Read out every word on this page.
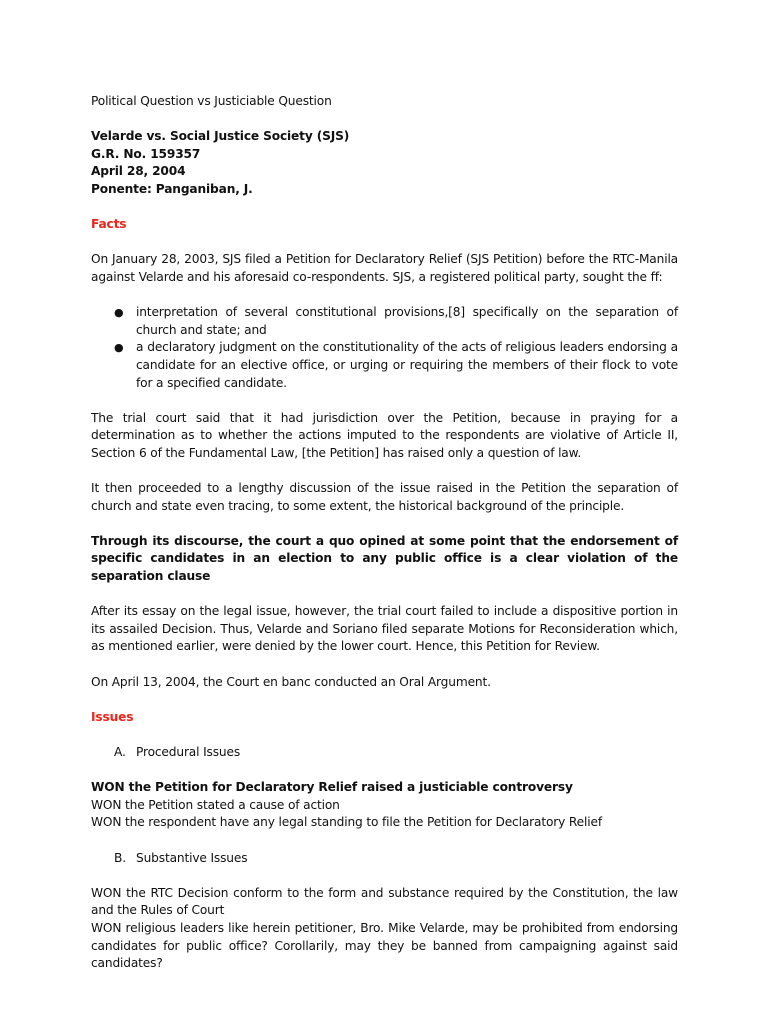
Political Question vs Justiciable Question

Velarde vs. Social Justice Society (SJS)

G.R. No. 159357

April 28, 2004

Ponente: Panganiban, J.

Facts

On January 28, 2003, SJS filed a Petition for Declaratory Relief (SJS Petition) before the RTC-Manila against Velarde and his aforesaid co-respondents. SJS, a registered political party, sought the ff:

● interpretation of several constitutional provisions,[8] specifically on the separation of church and state; and
● a declaratory judgment on the constitutionality of the acts of religious leaders endorsing a candidate for an elective office, or urging or requiring the members of their flock to vote for a specified candidate.

The trial court said that it had jurisdiction over the Petition, because in praying for a determination as to whether the actions imputed to the respondents are violative of Article II, Section 6 of the Fundamental Law, [the Petition] has raised only a question of law.

It then proceeded to a lengthy discussion of the issue raised in the Petition the separation of church and state even tracing, to some extent, the historical background of the principle.

Through its discourse, the court a quo opined at some point that the endorsement of specific candidates in an election to any public office is a clear violation of the separation clause

After its essay on the legal issue, however, the trial court failed to include a dispositive portion in its assailed Decision. Thus, Velarde and Soriano filed separate Motions for Reconsideration which, as mentioned earlier, were denied by the lower court. Hence, this Petition for Review.

On April 13, 2004, the Court en banc conducted an Oral Argument.

Issues

A. Procedural Issues

WON the Petition for Declaratory Relief raised a justiciable controversy

WON the Petition stated a cause of action

WON the respondent have any legal standing to file the Petition for Declaratory Relief

B. Substantive Issues

WON the RTC Decision conform to the form and substance required by the Constitution, the law and the Rules of Court

WON religious leaders like herein petitioner, Bro. Mike Velarde, may be prohibited from endorsing candidates for public office? Corollarily, may they be banned from campaigning against said candidates?
